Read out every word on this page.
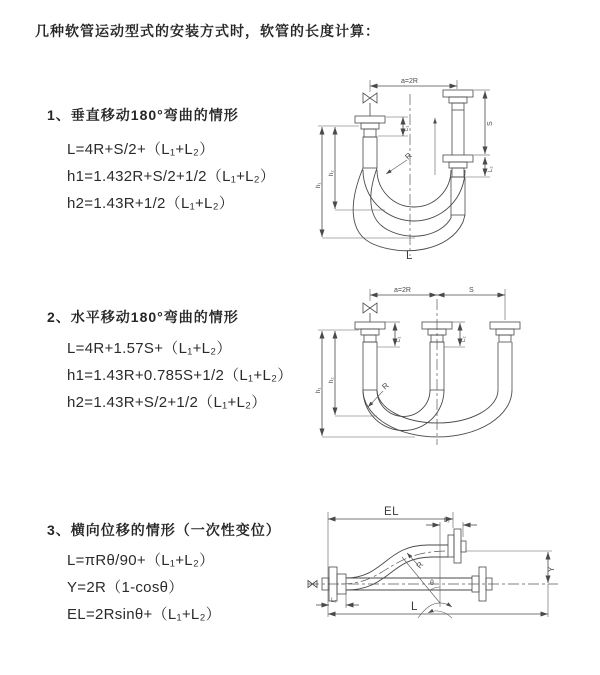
几种软管运动型式的安装方式时，软管的长度计算：
1、垂直移动180°弯曲的情形
L=4R+S/2+（L₁+L₂）
h1=1.432R+S/2+1/2（L₁+L₂）
h2=1.43R+1/2（L₁+L₂）
2、水平移动180°弯曲的情形
L=4R+1.57S+（L₁+L₂）
h1=1.43R+0.785S+1/2（L₁+L₂）
h2=1.43R+S/2+1/2（L₁+L₂）
3、横向位移的情形（一次性变位）
L=πRθ/90+（L₁+L₂）
Y=2R（1-cosθ）
EL=2Rsinθ+（L₁+L₂）
a=2R
R
L₁
S
L₂
h₁
h₂
L
a=2R	S
L₁	L₂
R
h₁
h₂
EL
L₂
R
θ
Y
L
L₁
